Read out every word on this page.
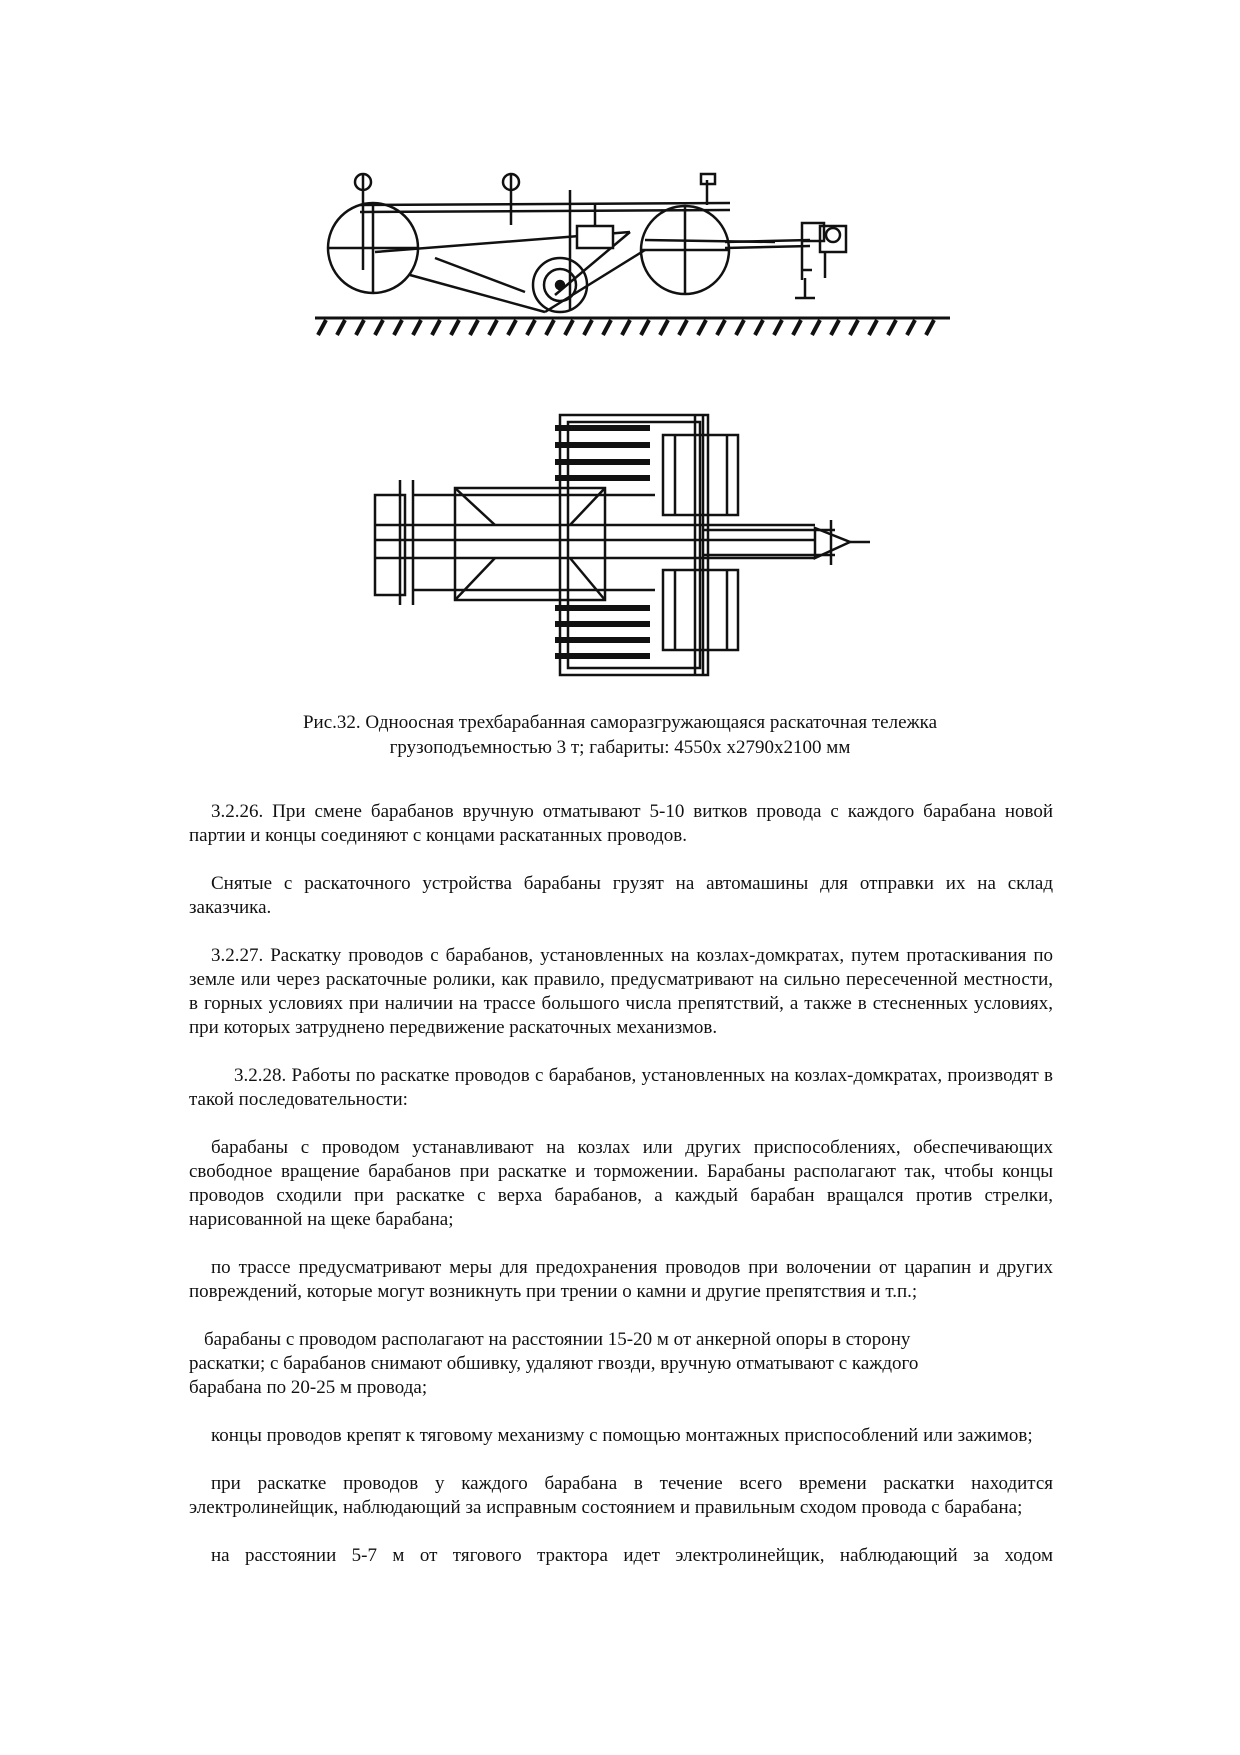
Рис.32. Одноосная трехбарабанная саморазгружающаяся раскаточная тележка
грузоподъемностью 3 т; габариты: 4550х х2790х2100 мм

3.2.26. При смене барабанов вручную отматывают 5-10 витков провода с каждого барабана новой партии и концы соединяют с концами раскатанных проводов.

Снятые с раскаточного устройства барабаны грузят на автомашины для отправки их на склад заказчика.

3.2.27. Раскатку проводов с барабанов, установленных на козлах-домкратах, путем протаскивания по земле или через раскаточные ролики, как правило, предусматривают на сильно пересеченной местности, в горных условиях при наличии на трассе большого числа препятствий, а также в стесненных условиях, при которых затруднено передвижение раскаточных механизмов.

3.2.28. Работы по раскатке проводов с барабанов, установленных на козлах-домкратах, производят в такой последовательности:

барабаны с проводом устанавливают на козлах или других приспособлениях, обеспечивающих свободное вращение барабанов при раскатке и торможении. Барабаны располагают так, чтобы концы проводов сходили при раскатке с верха барабанов, а каждый барабан вращался против стрелки, нарисованной на щеке барабана;

по трассе предусматривают меры для предохранения проводов при волочении от царапин и других повреждений, которые могут возникнуть при трении о камни и другие препятствия и т.п.;

барабаны с проводом располагают на расстоянии 15-20 м от анкерной опоры в сторону раскатки; с барабанов снимают обшивку, удаляют гвозди, вручную отматывают с каждого барабана по 20-25 м провода;

концы проводов крепят к тяговому механизму с помощью монтажных приспособлений или зажимов;

при раскатке проводов у каждого барабана в течение всего времени раскатки находится электролинейщик, наблюдающий за исправным состоянием и правильным сходом провода с барабана;

на расстоянии 5-7 м от тягового трактора идет электролинейщик, наблюдающий за ходом
